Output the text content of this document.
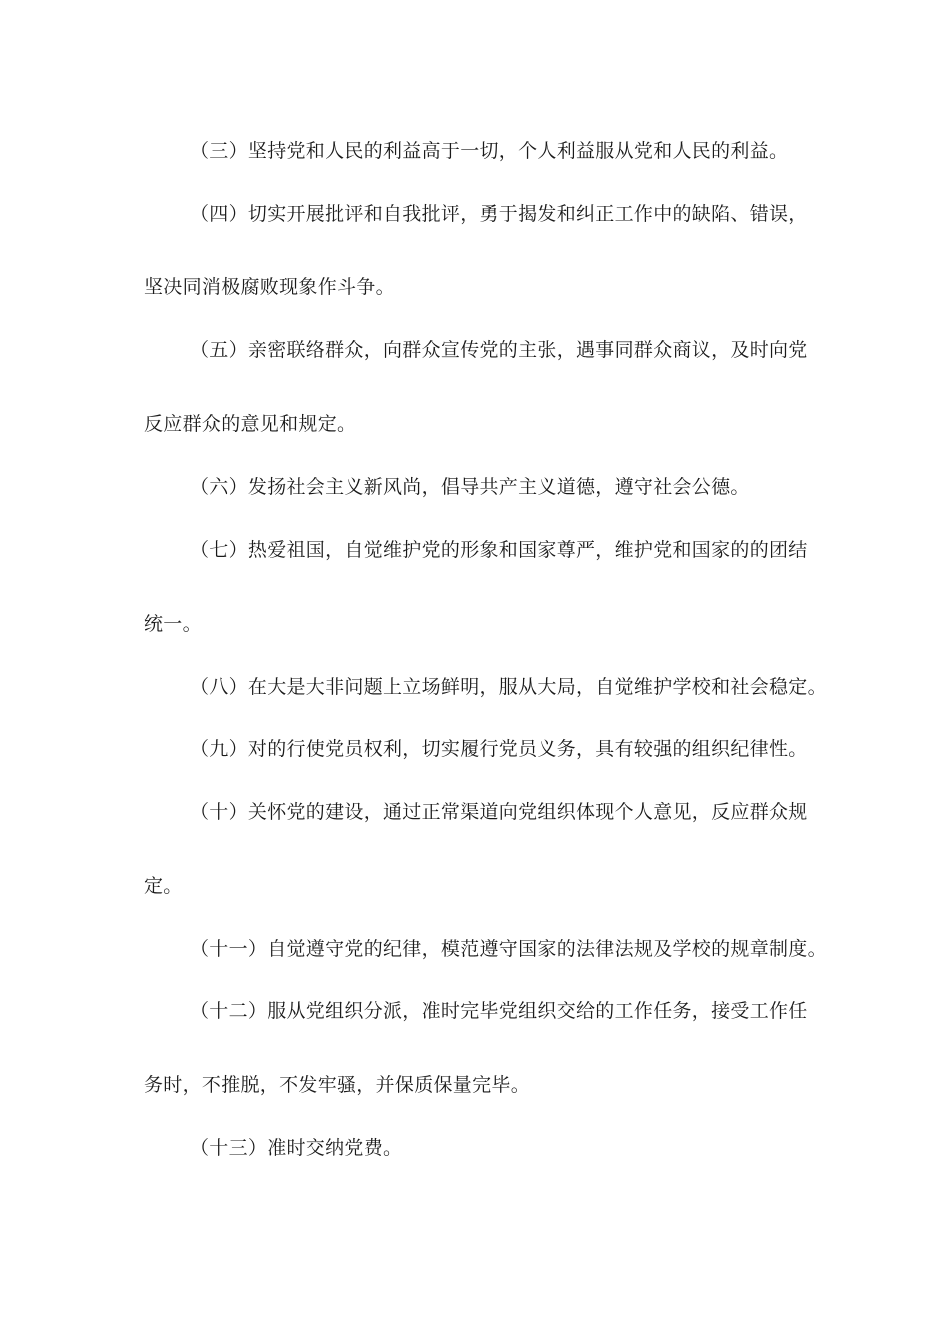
（三）坚持党和人民的利益高于一切，个人利益服从党和人民的利益。
（四）切实开展批评和自我批评，勇于揭发和纠正工作中的缺陷、错误，
坚决同消极腐败现象作斗争。
（五）亲密联络群众，向群众宣传党的主张，遇事同群众商议，及时向党
反应群众的意见和规定。
（六）发扬社会主义新风尚，倡导共产主义道德，遵守社会公德。
（七）热爱祖国，自觉维护党的形象和国家尊严，维护党和国家的的团结
统一。
（八）在大是大非问题上立场鲜明，服从大局，自觉维护学校和社会稳定。
（九）对的行使党员权利，切实履行党员义务，具有较强的组织纪律性。
（十）关怀党的建设，通过正常渠道向党组织体现个人意见，反应群众规
定。
（十一）自觉遵守党的纪律，模范遵守国家的法律法规及学校的规章制度。
（十二）服从党组织分派，准时完毕党组织交给的工作任务，接受工作任
务时，不推脱，不发牢骚，并保质保量完毕。
（十三）准时交纳党费。
